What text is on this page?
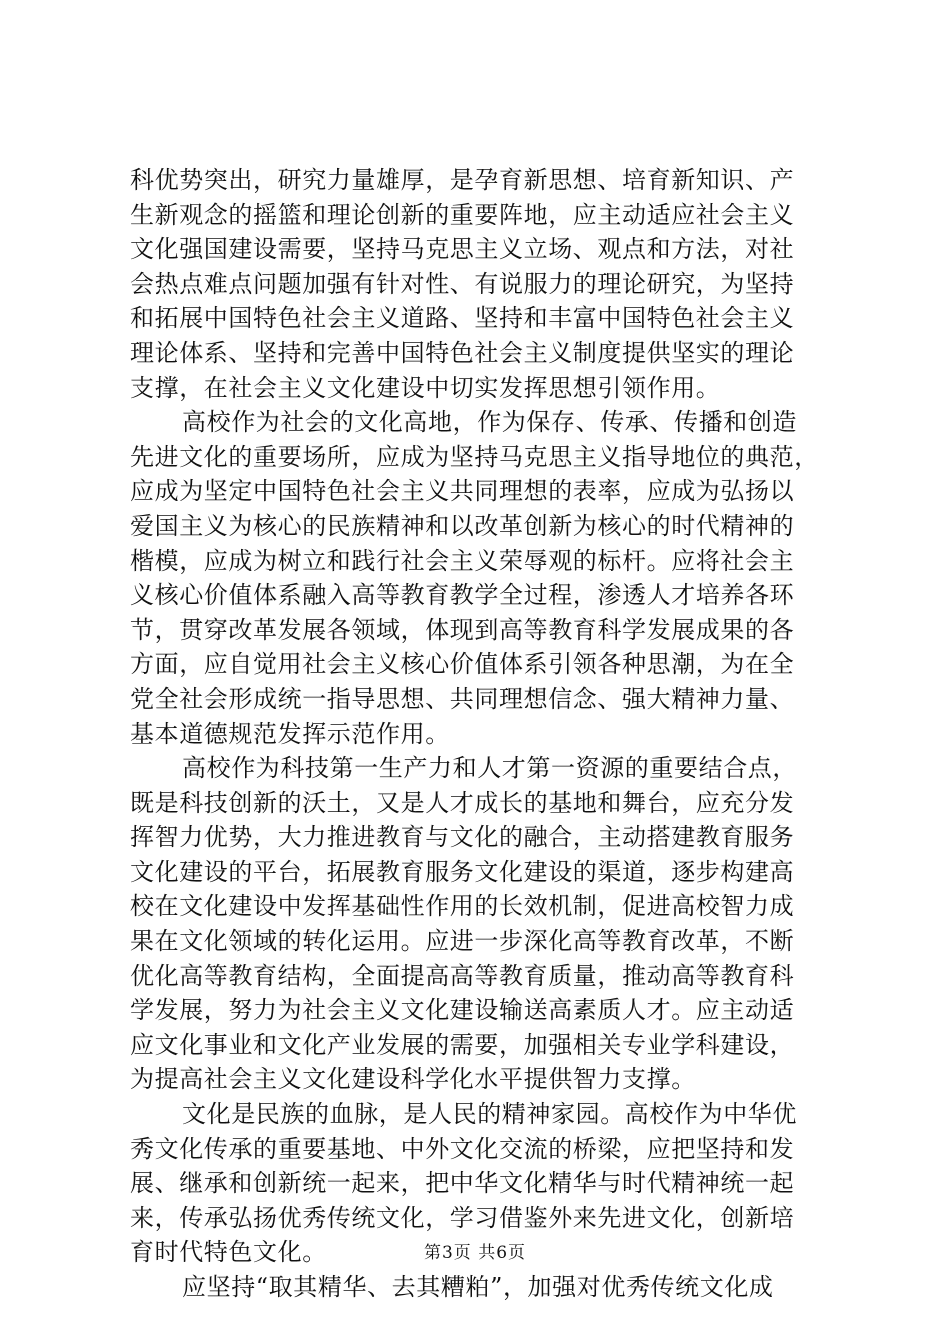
科优势突出，研究力量雄厚，是孕育新思想、培育新知识、产
生新观念的摇篮和理论创新的重要阵地，应主动适应社会主义
文化强国建设需要，坚持马克思主义立场、观点和方法，对社
会热点难点问题加强有针对性、有说服力的理论研究，为坚持
和拓展中国特色社会主义道路、坚持和丰富中国特色社会主义
理论体系、坚持和完善中国特色社会主义制度提供坚实的理论
支撑，在社会主义文化建设中切实发挥思想引领作用。
高校作为社会的文化高地，作为保存、传承、传播和创造
先进文化的重要场所，应成为坚持马克思主义指导地位的典范，
应成为坚定中国特色社会主义共同理想的表率，应成为弘扬以
爱国主义为核心的民族精神和以改革创新为核心的时代精神的
楷模，应成为树立和践行社会主义荣辱观的标杆。应将社会主
义核心价值体系融入高等教育教学全过程，渗透人才培养各环
节，贯穿改革发展各领域，体现到高等教育科学发展成果的各
方面，应自觉用社会主义核心价值体系引领各种思潮，为在全
党全社会形成统一指导思想、共同理想信念、强大精神力量、
基本道德规范发挥示范作用。
高校作为科技第一生产力和人才第一资源的重要结合点，
既是科技创新的沃土，又是人才成长的基地和舞台，应充分发
挥智力优势，大力推进教育与文化的融合，主动搭建教育服务
文化建设的平台，拓展教育服务文化建设的渠道，逐步构建高
校在文化建设中发挥基础性作用的长效机制，促进高校智力成
果在文化领域的转化运用。应进一步深化高等教育改革，不断
优化高等教育结构，全面提高高等教育质量，推动高等教育科
学发展，努力为社会主义文化建设输送高素质人才。应主动适
应文化事业和文化产业发展的需要，加强相关专业学科建设，
为提高社会主义文化建设科学化水平提供智力支撑。
文化是民族的血脉，是人民的精神家园。高校作为中华优
秀文化传承的重要基地、中外文化交流的桥梁，应把坚持和发
展、继承和创新统一起来，把中华文化精华与时代精神统一起
来，传承弘扬优秀传统文化，学习借鉴外来先进文化，创新培
育时代特色文化。
应坚持“取其精华、去其糟粕”，加强对优秀传统文化成
第3页 共6页
